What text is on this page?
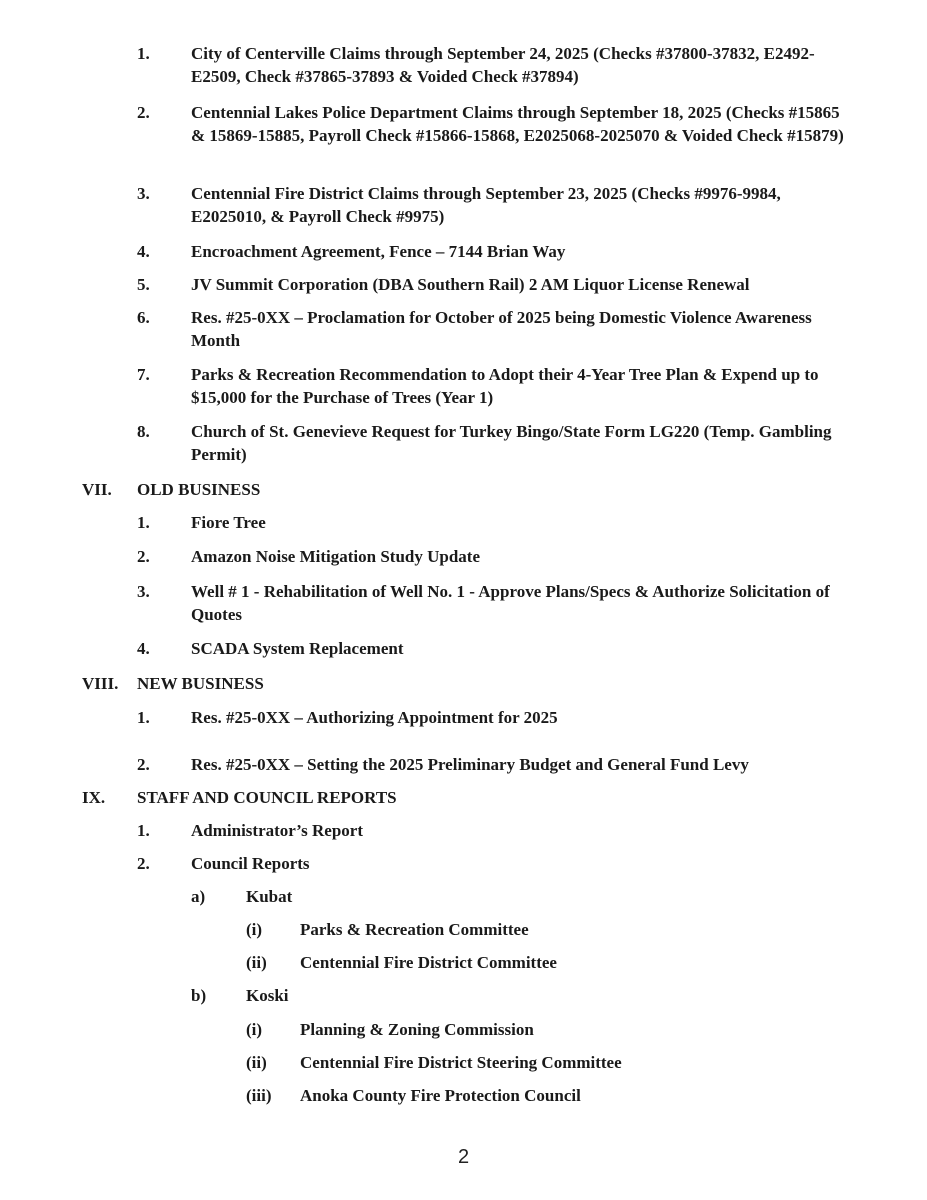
1. City of Centerville Claims through September 24, 2025 (Checks #37800-37832, E2492-E2509, Check #37865-37893 & Voided Check #37894)
2. Centennial Lakes Police Department Claims through September 18, 2025 (Checks #15865 & 15869-15885, Payroll Check #15866-15868, E2025068-2025070 & Voided Check #15879)
3. Centennial Fire District Claims through September 23, 2025 (Checks #9976-9984, E2025010, & Payroll Check #9975)
4. Encroachment Agreement, Fence – 7144 Brian Way
5. JV Summit Corporation (DBA Southern Rail) 2 AM Liquor License Renewal
6. Res. #25-0XX – Proclamation for October of 2025 being Domestic Violence Awareness Month
7. Parks & Recreation Recommendation to Adopt their 4-Year Tree Plan & Expend up to $15,000 for the Purchase of Trees (Year 1)
8. Church of St. Genevieve Request for Turkey Bingo/State Form LG220 (Temp. Gambling Permit)
VII. OLD BUSINESS
1. Fiore Tree
2. Amazon Noise Mitigation Study Update
3. Well # 1 - Rehabilitation of Well No. 1 - Approve Plans/Specs & Authorize Solicitation of Quotes
4. SCADA System Replacement
VIII. NEW BUSINESS
1. Res. #25-0XX – Authorizing Appointment for 2025
2. Res. #25-0XX – Setting the 2025 Preliminary Budget and General Fund Levy
IX. STAFF AND COUNCIL REPORTS
1. Administrator’s Report
2. Council Reports
a) Kubat
(i) Parks & Recreation Committee
(ii) Centennial Fire District Committee
b) Koski
(i) Planning & Zoning Commission
(ii) Centennial Fire District Steering Committee
(iii) Anoka County Fire Protection Council
2
